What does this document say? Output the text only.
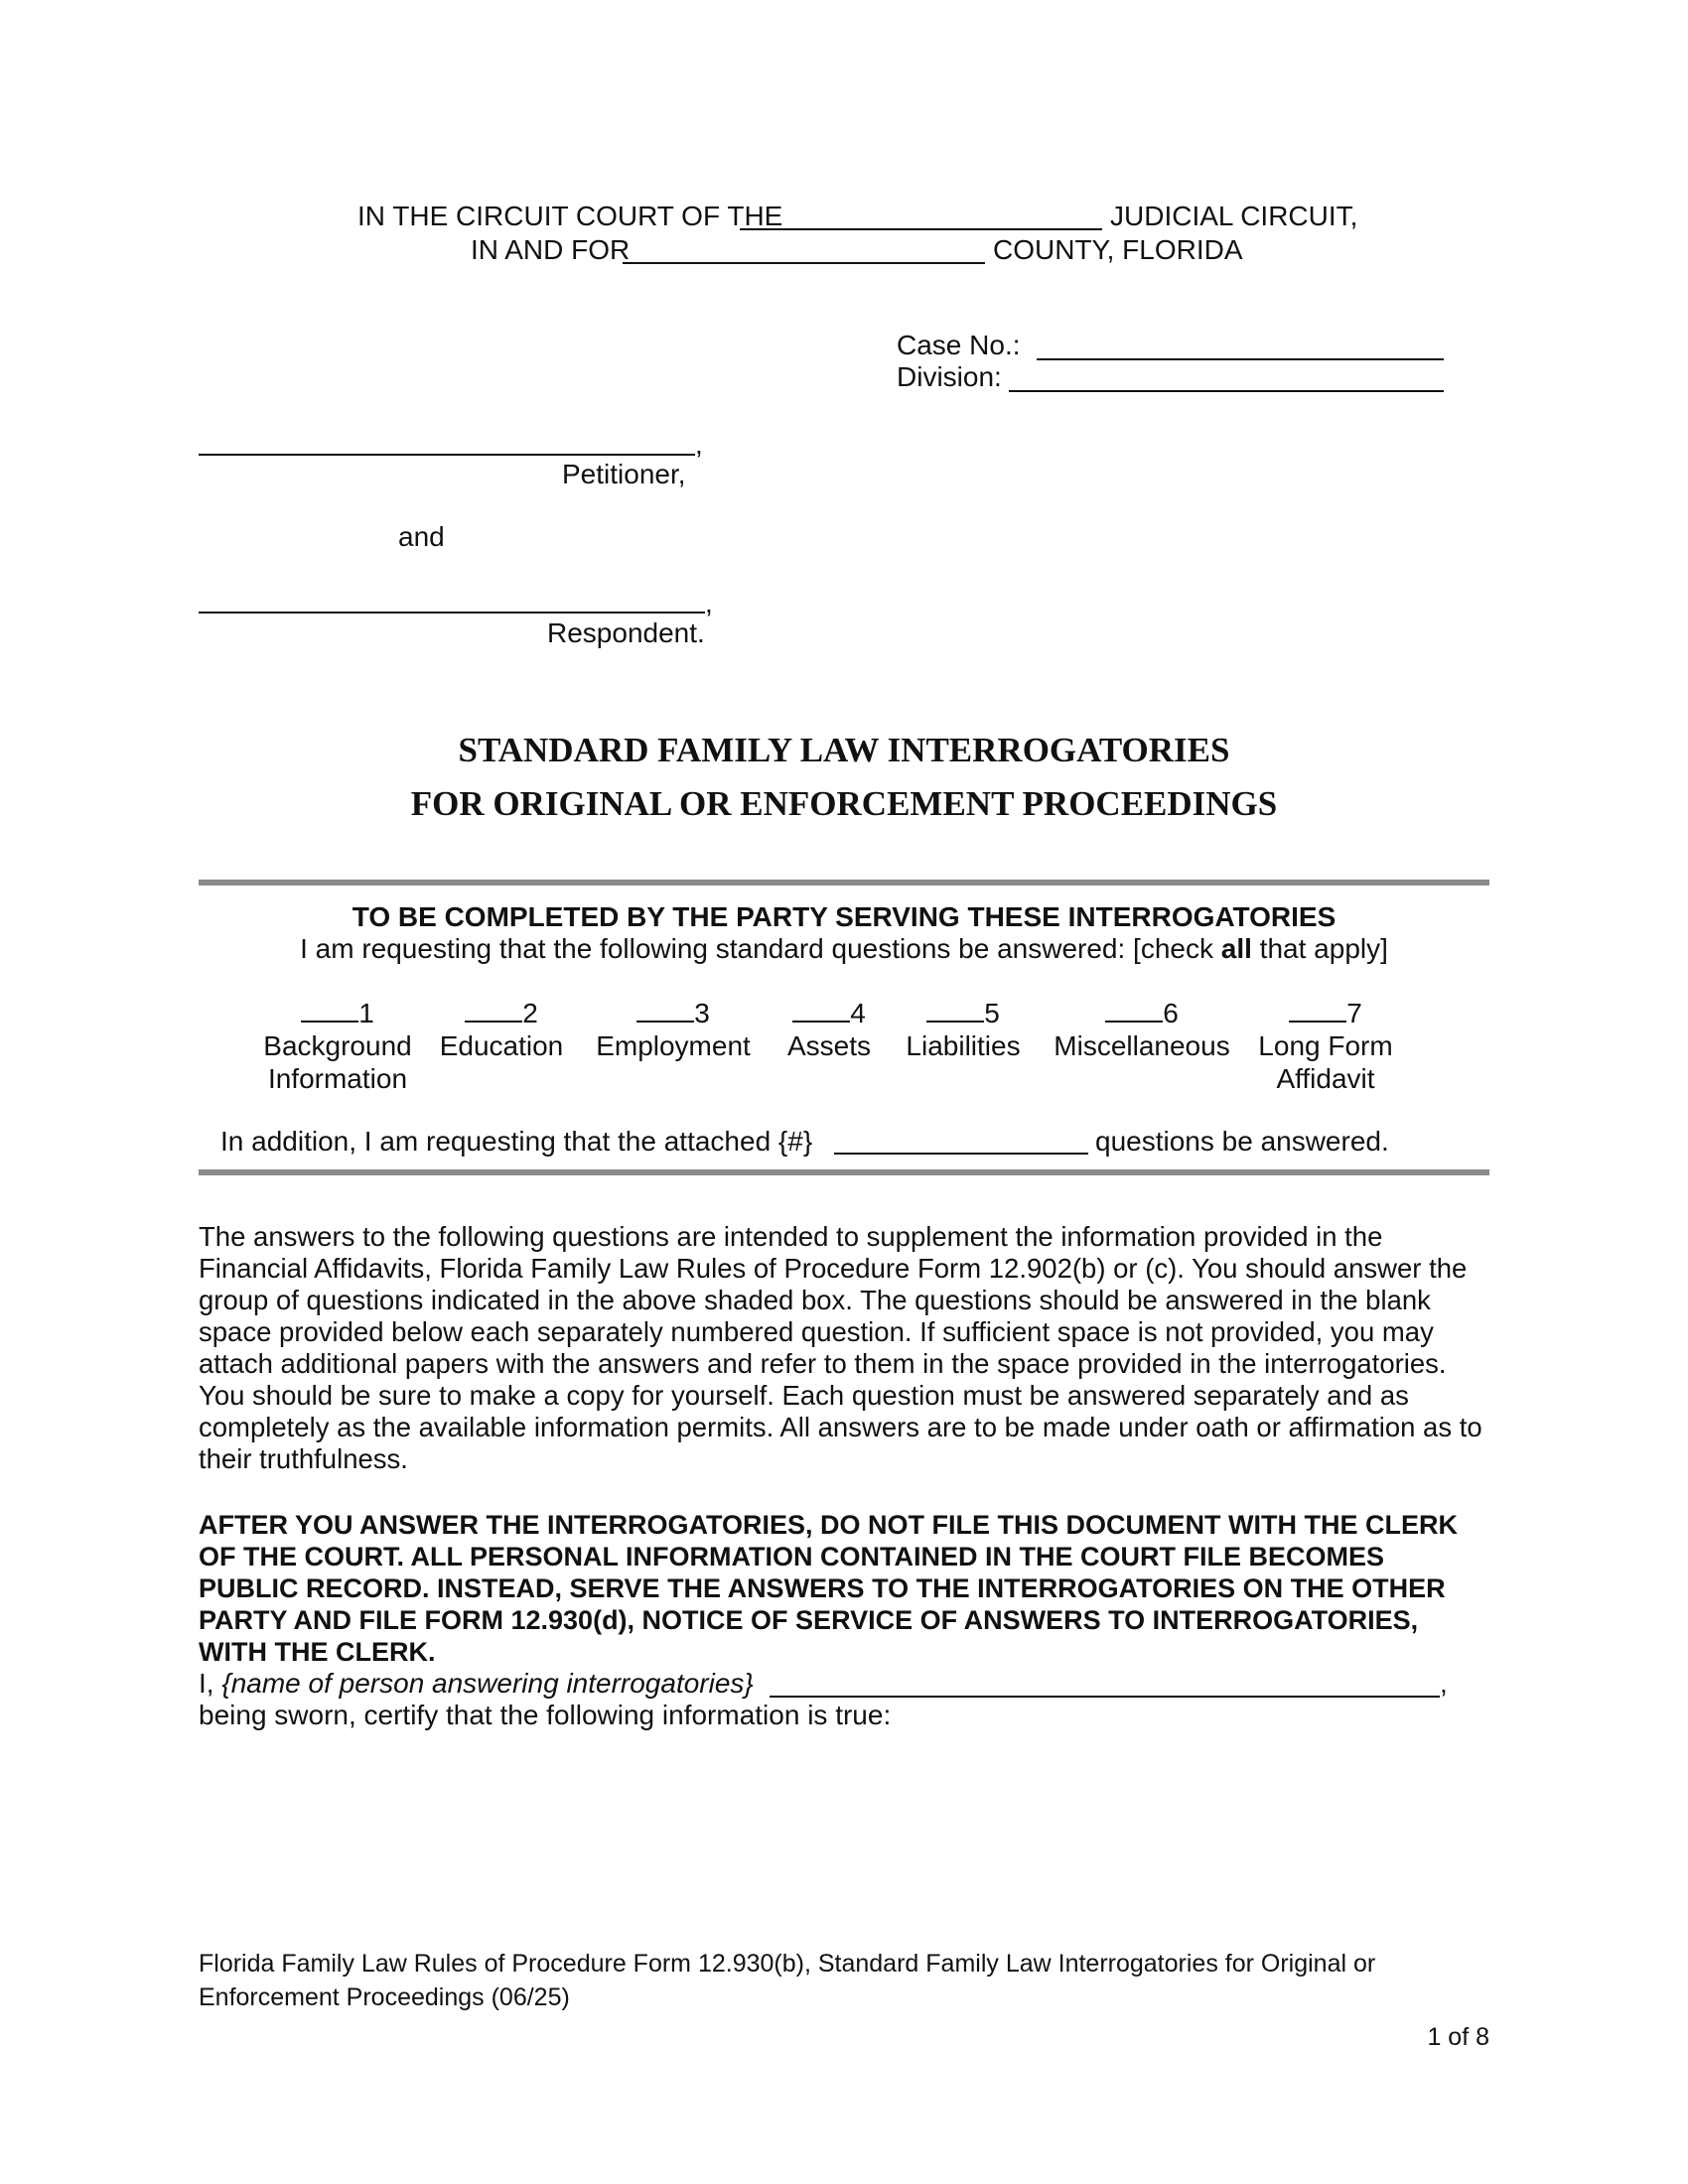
IN THE CIRCUIT COURT OF THE	JUDICIAL CIRCUIT,
IN AND FOR	COUNTY, FLORIDA
Case No.:
Division:
,
Petitioner,
and
,
Respondent.
STANDARD FAMILY LAW INTERROGATORIES
FOR ORIGINAL OR ENFORCEMENT PROCEEDINGS
TO BE COMPLETED BY THE PARTY SERVING THESE INTERROGATORIES
I am requesting that the following standard questions be answered: [check all that apply]
1
Background
Information
2
Education
3
Employment
4
Assets
5
Liabilities
6
Miscellaneous
7
Long Form
Affidavit
In addition, I am requesting that the attached {#}	questions be answered.
The answers to the following questions are intended to supplement the information provided in the Financial Affidavits, Florida Family Law Rules of Procedure Form 12.902(b) or (c). You should answer the group of questions indicated in the above shaded box. The questions should be answered in the blank space provided below each separately numbered question. If sufficient space is not provided, you may attach additional papers with the answers and refer to them in the space provided in the interrogatories. You should be sure to make a copy for yourself. Each question must be answered separately and as completely as the available information permits. All answers are to be made under oath or affirmation as to their truthfulness.
AFTER YOU ANSWER THE INTERROGATORIES, DO NOT FILE THIS DOCUMENT WITH THE CLERK OF THE COURT. ALL PERSONAL INFORMATION CONTAINED IN THE COURT FILE BECOMES PUBLIC RECORD. INSTEAD, SERVE THE ANSWERS TO THE INTERROGATORIES ON THE OTHER PARTY AND FILE FORM 12.930(d), NOTICE OF SERVICE OF ANSWERS TO INTERROGATORIES, WITH THE CLERK.
I, {name of person answering interrogatories}	,
being sworn, certify that the following information is true:
Florida Family Law Rules of Procedure Form 12.930(b), Standard Family Law Interrogatories for Original or
Enforcement Proceedings (06/25)
1 of 8
